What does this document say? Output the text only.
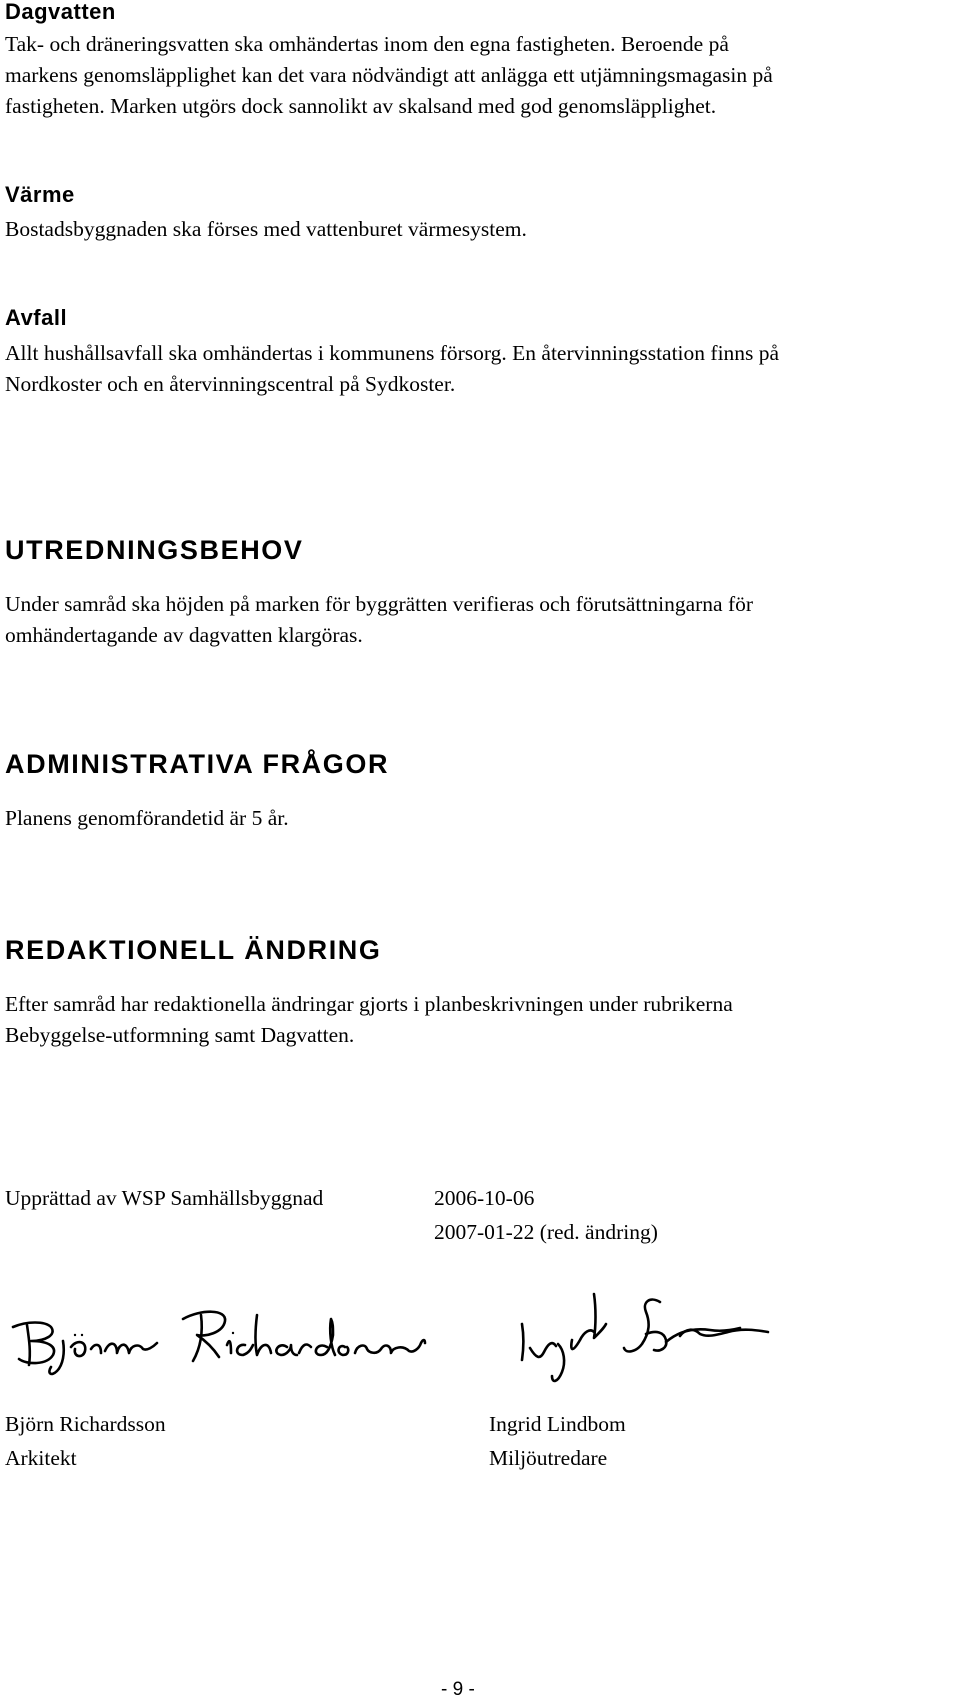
Dagvatten

Tak- och dräneringsvatten ska omhändertas inom den egna fastigheten. Beroende på

markens genomsläpplighet kan det vara nödvändigt att anlägga ett utjämningsmagasin på

fastigheten. Marken utgörs dock sannolikt av skalsand med god genomsläpplighet.

Värme

Bostadsbyggnaden ska förses med vattenburet värmesystem.

Avfall

Allt hushållsavfall ska omhändertas i kommunens försorg. En återvinningsstation finns på

Nordkoster och en återvinningscentral på Sydkoster.

UTREDNINGSBEHOV

Under samråd ska höjden på marken för byggrätten verifieras och förutsättningarna för

omhändertagande av dagvatten klargöras.

ADMINISTRATIVA FRÅGOR

Planens genomförandetid är 5 år.

REDAKTIONELL ÄNDRING

Efter samråd har redaktionella ändringar gjorts i planbeskrivningen under rubrikerna

Bebyggelse-utformning samt Dagvatten.

Upprättad av WSP Samhällsbyggnad	2006-10-06

2007-01-22 (red. ändring)

Björn Richardsson

Arkitekt

Ingrid Lindbom

Miljöutredare

- 9 -
